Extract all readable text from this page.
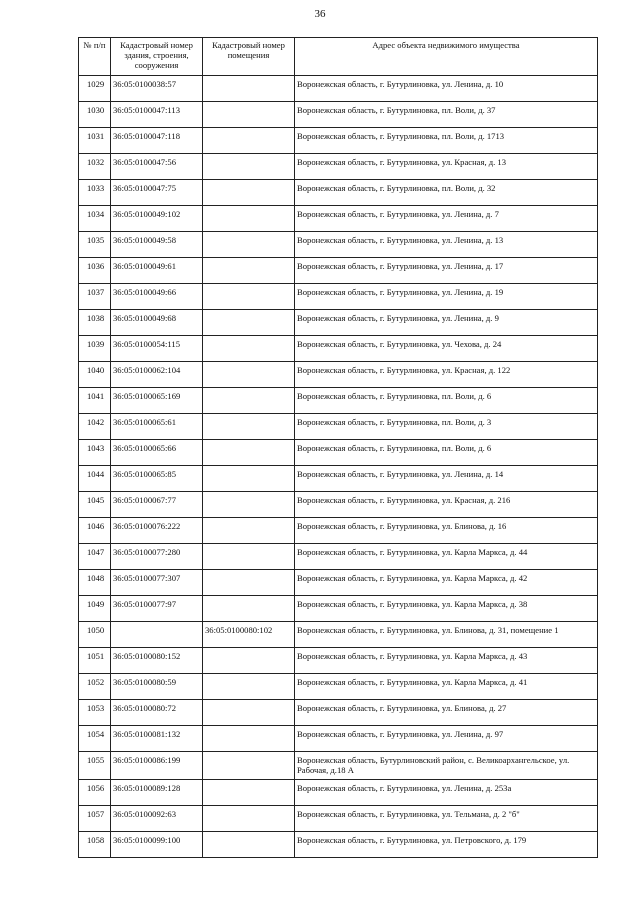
36
№ п/п	Кадастровый номер здания, строения, сооружения	Кадастровый номер помещения	Адрес объекта недвижимого имущества
1029	36:05:0100038:57		Воронежская область, г. Бутурлиновка, ул. Ленина, д. 10
1030	36:05:0100047:113		Воронежская область, г. Бутурлиновка, пл. Воли, д. 37
1031	36:05:0100047:118		Воронежская область, г. Бутурлиновка, пл. Воли, д. 1713
1032	36:05:0100047:56		Воронежская область, г. Бутурлиновка, ул. Красная, д. 13
1033	36:05:0100047:75		Воронежская область, г. Бутурлиновка, пл. Воли, д. 32
1034	36:05:0100049:102		Воронежская область, г. Бутурлиновка, ул. Ленина, д. 7
1035	36:05:0100049:58		Воронежская область, г. Бутурлиновка, ул. Ленина, д. 13
1036	36:05:0100049:61		Воронежская область, г. Бутурлиновка, ул. Ленина, д. 17
1037	36:05:0100049:66		Воронежская область, г. Бутурлиновка, ул. Ленина, д. 19
1038	36:05:0100049:68		Воронежская область, г. Бутурлиновка, ул. Ленина, д. 9
1039	36:05:0100054:115		Воронежская область, г. Бутурлиновка, ул. Чехова, д. 24
1040	36:05:0100062:104		Воронежская область, г. Бутурлиновка, ул. Красная, д. 122
1041	36:05:0100065:169		Воронежская область, г. Бутурлиновка, пл. Воли, д. 6
1042	36:05:0100065:61		Воронежская область, г. Бутурлиновка, пл. Воли, д. 3
1043	36:05:0100065:66		Воронежская область, г. Бутурлиновка, пл. Воли, д. 6
1044	36:05:0100065:85		Воронежская область, г. Бутурлиновка, ул. Ленина, д. 14
1045	36:05:0100067:77		Воронежская область, г. Бутурлиновка, ул. Красная, д. 216
1046	36:05:0100076:222		Воронежская область, г. Бутурлиновка, ул. Блинова, д. 16
1047	36:05:0100077:280		Воронежская область, г. Бутурлиновка, ул. Карла Маркса, д. 44
1048	36:05:0100077:307		Воронежская область, г. Бутурлиновка, ул. Карла Маркса, д. 42
1049	36:05:0100077:97		Воронежская область, г. Бутурлиновка, ул. Карла Маркса, д. 38
1050		36:05:0100080:102	Воронежская область, г. Бутурлиновка, ул. Блинова, д. 31, помещение 1
1051	36:05:0100080:152		Воронежская область, г. Бутурлиновка, ул. Карла Маркса, д. 43
1052	36:05:0100080:59		Воронежская область, г. Бутурлиновка, ул. Карла Маркса, д. 41
1053	36:05:0100080:72		Воронежская область, г. Бутурлиновка, ул. Блинова, д. 27
1054	36:05:0100081:132		Воронежская область, г. Бутурлиновка, ул. Ленина, д. 97
1055	36:05:0100086:199		Воронежская область, Бутурлиновский район, с. Великоархангельское, ул. Рабочая, д.18 А
1056	36:05:0100089:128		Воронежская область, г. Бутурлиновка, ул. Ленина, д. 253а
1057	36:05:0100092:63		Воронежская область, г. Бутурлиновка, ул. Тельмана, д. 2 "б"
1058	36:05:0100099:100		Воронежская область, г. Бутурлиновка, ул. Петровского, д. 179
